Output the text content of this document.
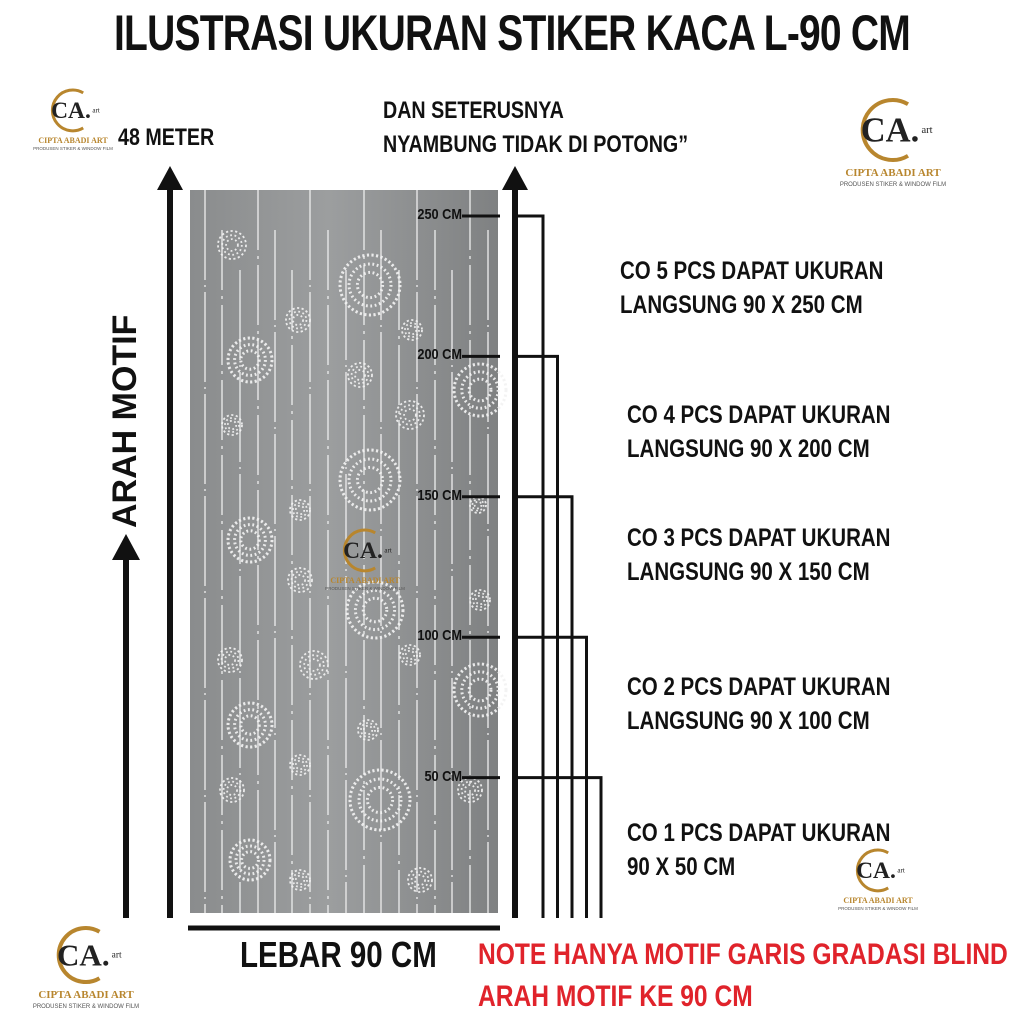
ILUSTRASI UKURAN STIKER KACA L-90 CM
250 CM
200 CM
150 CM
100 CM
50 CM
48 METER
DAN SETERUSNYA
NYAMBUNG TIDAK DI POTONG”
ARAH MOTIF
LEBAR 90 CM
CO 5 PCS DAPAT UKURAN
LANGSUNG 90 X 250 CM
CO 4 PCS DAPAT UKURAN
LANGSUNG 90 X 200 CM
CO 3 PCS DAPAT UKURAN
LANGSUNG 90 X 150 CM
CO 2 PCS DAPAT UKURAN
LANGSUNG 90 X 100 CM
CO 1 PCS DAPAT UKURAN
90 X 50 CM
NOTE HANYA MOTIF GARIS GRADASI BLIND
ARAH MOTIF KE 90 CM
CA. art
CIPTA ABADI ART
PRODUSEN STIKER & WINDOW FILM	CA. art
CIPTA ABADI ART
PRODUSEN STIKER & WINDOW FILM
CA. art
CIPTA ABADI ART
PRODUSEN STIKER & WINDOW FILM
CA. art
CIPTA ABADI ART
PRODUSEN STIKER & WINDOW FILM
CA. art
CIPTA ABADI ART
PRODUSEN STIKER & WINDOW FILM
